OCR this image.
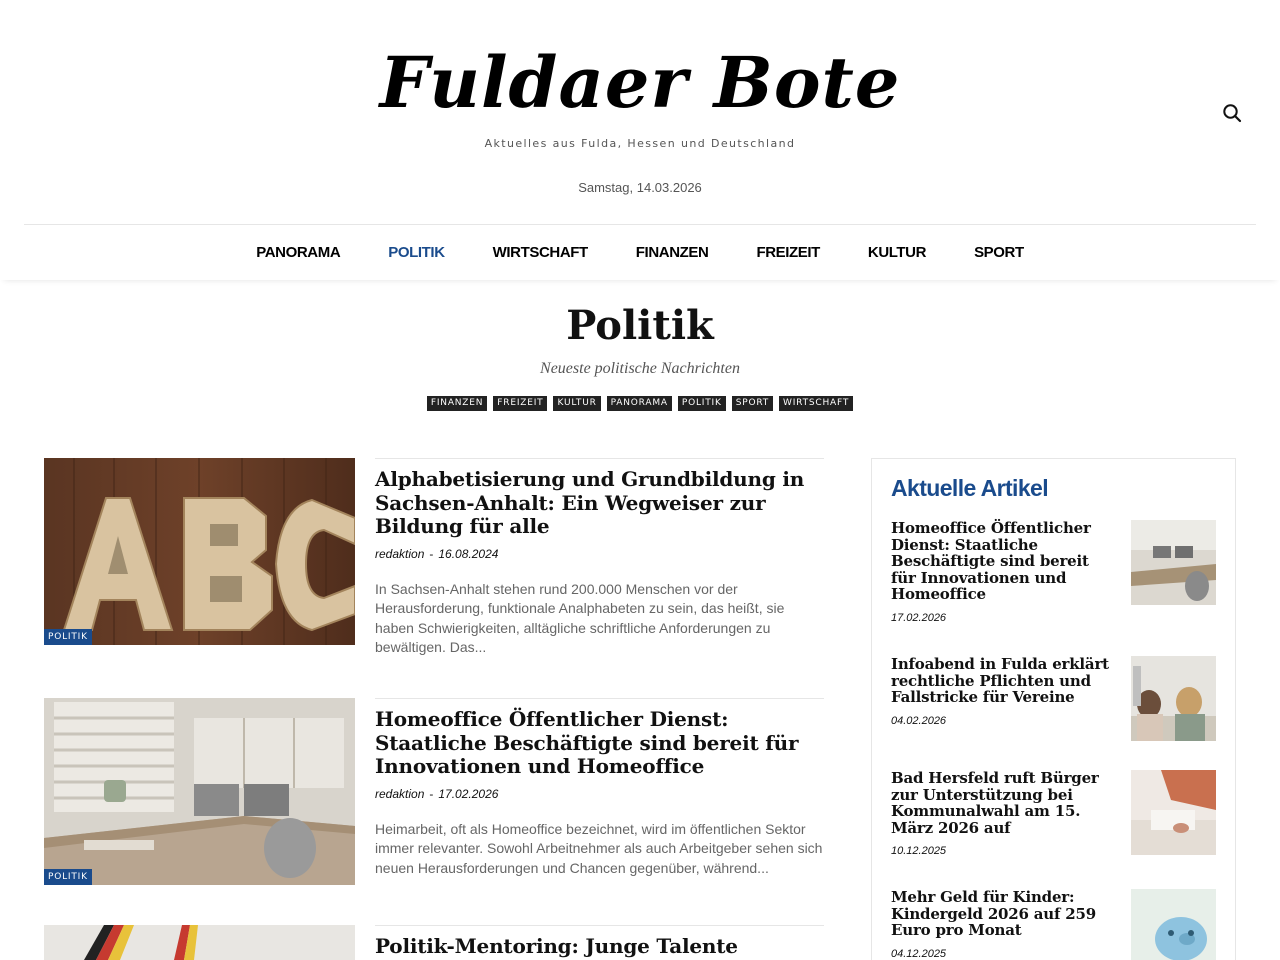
Fuldaer Bote
Aktuelles aus Fulda, Hessen und Deutschland
Samstag, 14.03.2026
PANORAMA	POLITIK	WIRTSCHAFT	FINANZEN	FREIZEIT	KULTUR	SPORT
Politik
Neueste politische Nachrichten
FINANZEN	FREIZEIT	KULTUR	PANORAMA	POLITIK	SPORT	WIRTSCHAFT
POLITIK
Alphabetisierung und Grundbildung in Sachsen-Anhalt: Ein Wegweiser zur Bildung für alle
redaktion - 16.08.2024

In Sachsen-Anhalt stehen rund 200.000 Menschen vor der Herausforderung, funktionale Analphabeten zu sein, das heißt, sie haben Schwierigkeiten, alltägliche schriftliche Anforderungen zu bewältigen. Das...

POLITIK
Homeoffice Öffentlicher Dienst: Staatliche Beschäftigte sind bereit für Innovationen und Homeoffice
redaktion - 17.02.2026

Heimarbeit, oft als Homeoffice bezeichnet, wird im öffentlichen Sektor immer relevanter. Sowohl Arbeitnehmer als auch Arbeitgeber sehen sich neuen Herausforderungen und Chancen gegenüber, während...

Politik-Mentoring: Junge Talente
Aktuelle Artikel
Homeoffice Öffentlicher Dienst: Staatliche Beschäftigte sind bereit für Innovationen und Homeoffice
17.02.2026
Infoabend in Fulda erklärt rechtliche Pflichten und Fallstricke für Vereine
04.02.2026
Bad Hersfeld ruft Bürger zur Unterstützung bei Kommunalwahl am 15. März 2026 auf
10.12.2025
Mehr Geld für Kinder: Kindergeld 2026 auf 259 Euro pro Monat
04.12.2025
